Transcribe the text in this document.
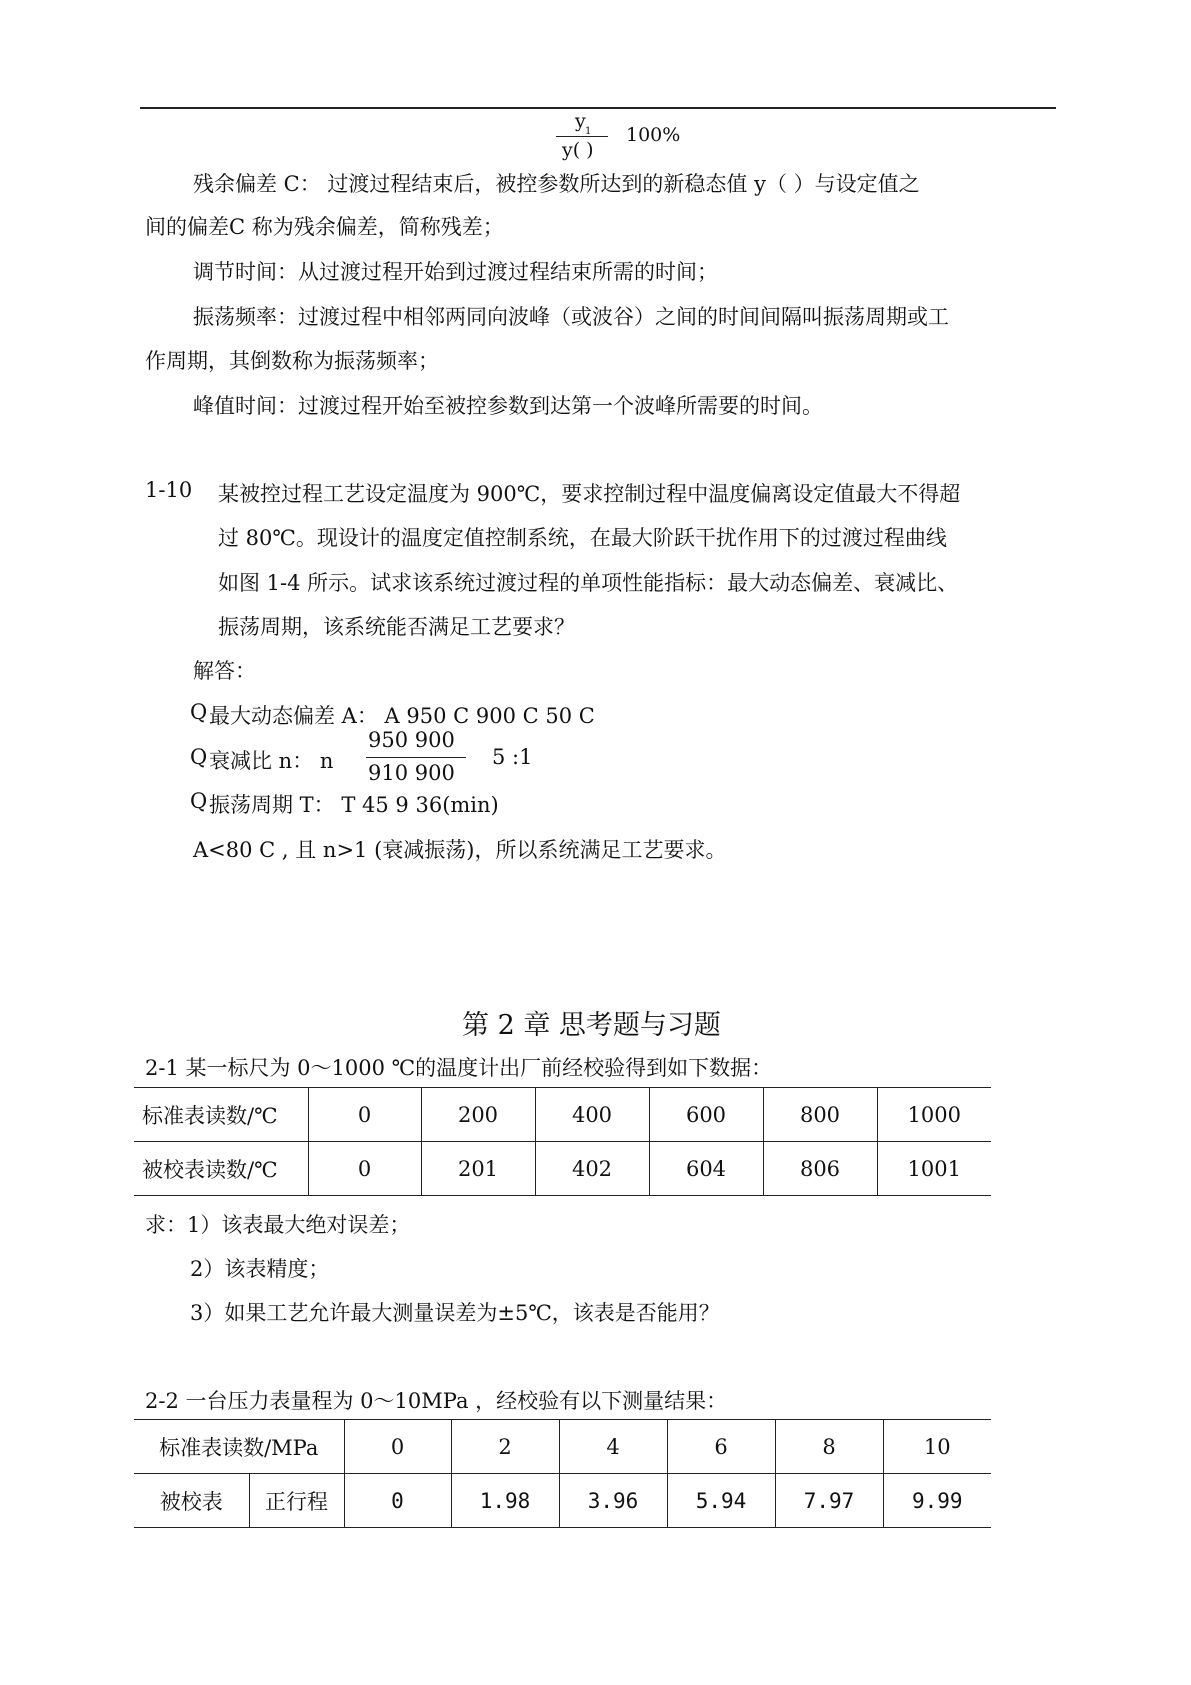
y 1
y( )
100%
残余偏差 C： 过渡过程结束后，被控参数所达到的新稳态值 y（ ）与设定值之
间的偏差C 称为残余偏差，简称残差；
调节时间：从过渡过程开始到过渡过程结束所需的时间；
振荡频率：过渡过程中相邻两同向波峰（或波谷）之间的时间间隔叫振荡周期或工
作周期，其倒数称为振荡频率；
峰值时间：过渡过程开始至被控参数到达第一个波峰所需要的时间。
1-10 某被控过程工艺设定温度为 900℃，要求控制过程中温度偏离设定值最大不得超
过 80℃。现设计的温度定值控制系统，在最大阶跃干扰作用下的过渡过程曲线
如图 1-4 所示。试求该系统过渡过程的单项性能指标：最大动态偏差、衰减比、
振荡周期，该系统能否满足工艺要求？
解答：
Q 最大动态偏差 A： A 950 C 900 C 50 C
Q 衰减比 n： n
950 900
910 900
5 :1
Q 振荡周期 T： T 45 9 36(min)
A<80 C , 且 n>1 (衰减振荡)，所以系统满足工艺要求。
第 2 章 思考题与习题
2-1 某一标尺为 0～1000 ℃的温度计出厂前经校验得到如下数据：
标准表读数/℃	0	200	400	600	800	1000
被校表读数/℃	0	201	402	604	806	1001
求：1）该表最大绝对误差；
2）该表精度；
3）如果工艺允许最大测量误差为±5℃，该表是否能用？
2-2 一台压力表量程为 0～10MPa ，经校验有以下测量结果：
标准表读数/MPa		0	2	4	6	8	10
被校表	正行程	0	1.98	3.96	5.94	7.97	9.99
